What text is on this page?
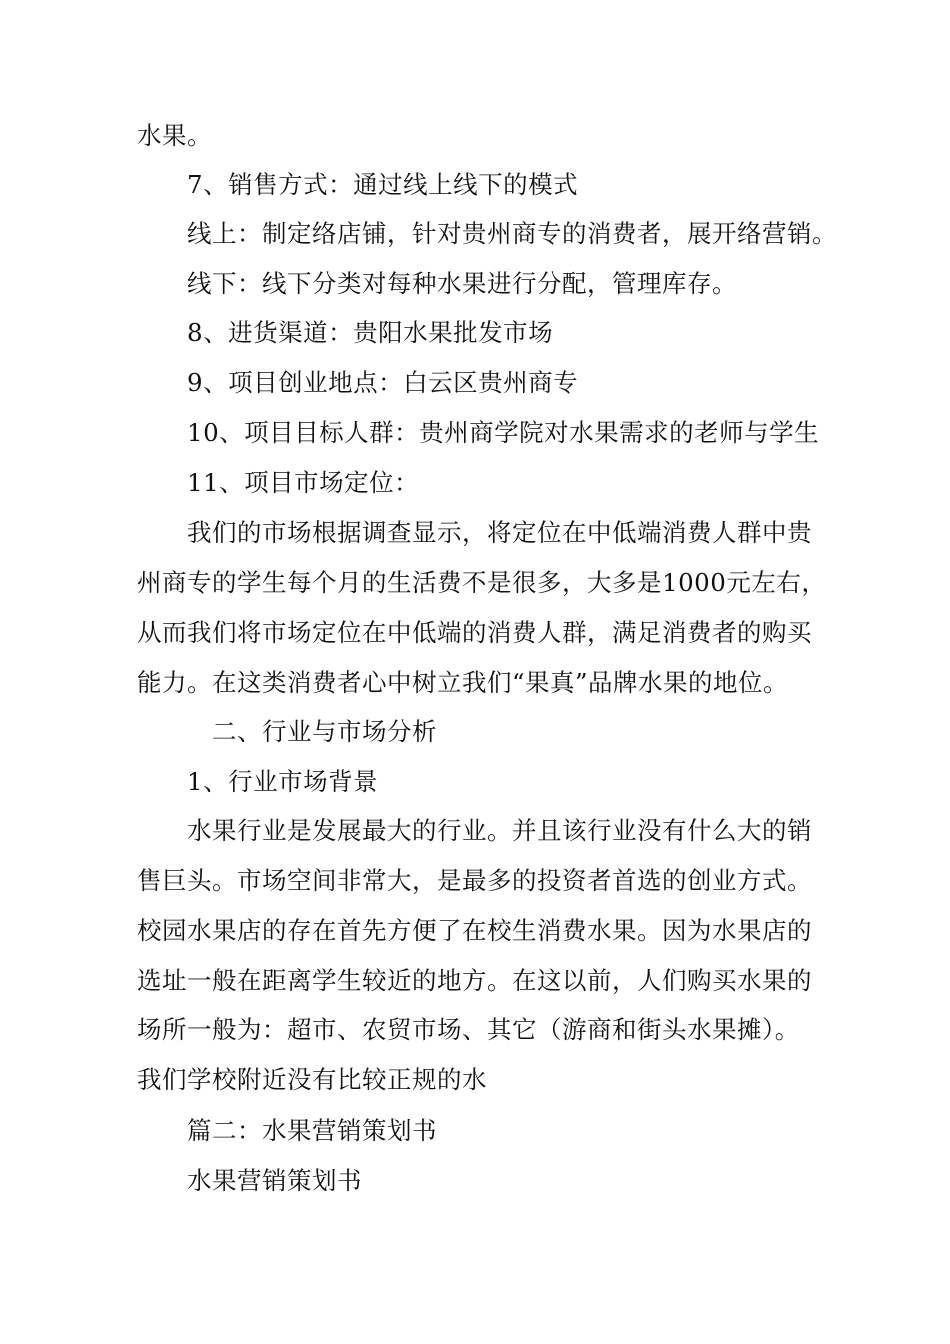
水果。
7、销售方式：通过线上线下的模式
线上：制定络店铺，针对贵州商专的消费者，展开络营销。
线下：线下分类对每种水果进行分配，管理库存。
8、进货渠道：贵阳水果批发市场
9、项目创业地点：白云区贵州商专
10、项目目标人群：贵州商学院对水果需求的老师与学生
11、项目市场定位：
我们的市场根据调查显示，将定位在中低端消费人群中贵
州商专的学生每个月的生活费不是很多，大多是1000元左右，
从而我们将市场定位在中低端的消费人群，满足消费者的购买
能力。在这类消费者心中树立我们“果真”品牌水果的地位。
二、行业与市场分析
1、行业市场背景
水果行业是发展最大的行业。并且该行业没有什么大的销
售巨头。市场空间非常大，是最多的投资者首选的创业方式。
校园水果店的存在首先方便了在校生消费水果。因为水果店的
选址一般在距离学生较近的地方。在这以前，人们购买水果的
场所一般为：超市、农贸市场、其它（游商和街头水果摊）。
我们学校附近没有比较正规的水
篇二：水果营销策划书
水果营销策划书
